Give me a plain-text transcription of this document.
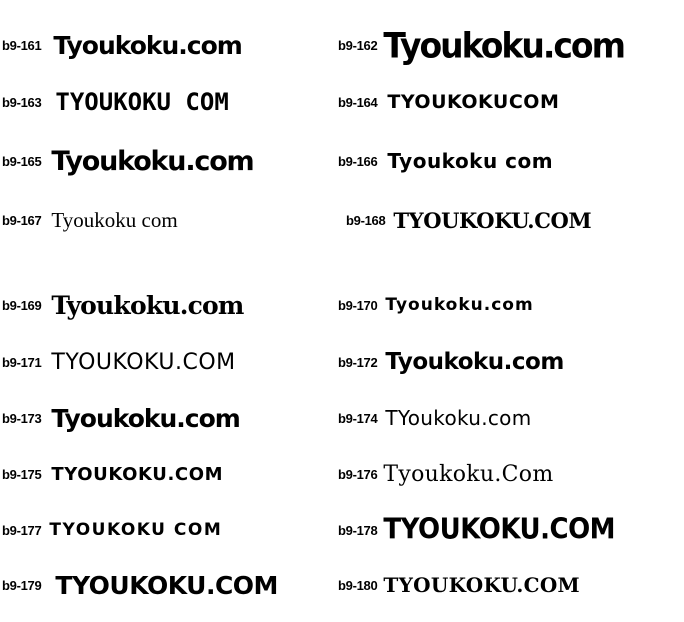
b9-161 Tyoukoku.com	b9-162 Tyoukoku.com
b9-163 TYOUKOKU COM	b9-164 TYOUKOKUCOM
b9-165 Tyoukoku.com	b9-166 Tyoukoku com
b9-167 Tyoukoku com	b9-168 TYOUKOKU.COM
b9-169 Tyoukoku.com	b9-170 Tyoukoku.com
b9-171 TYOUKOKU.COM	b9-172 Tyoukoku.com
b9-173 Tyoukoku.com	b9-174 TYoukoku.com
b9-175 TYOUKOKU.COM	b9-176 Tyoukoku.Com
b9-177 TYOUKOKU COM	b9-178 TYOUKOKU.COM
b9-179 TYOUKOKU.COM	b9-180 TYOUKOKU.COM
